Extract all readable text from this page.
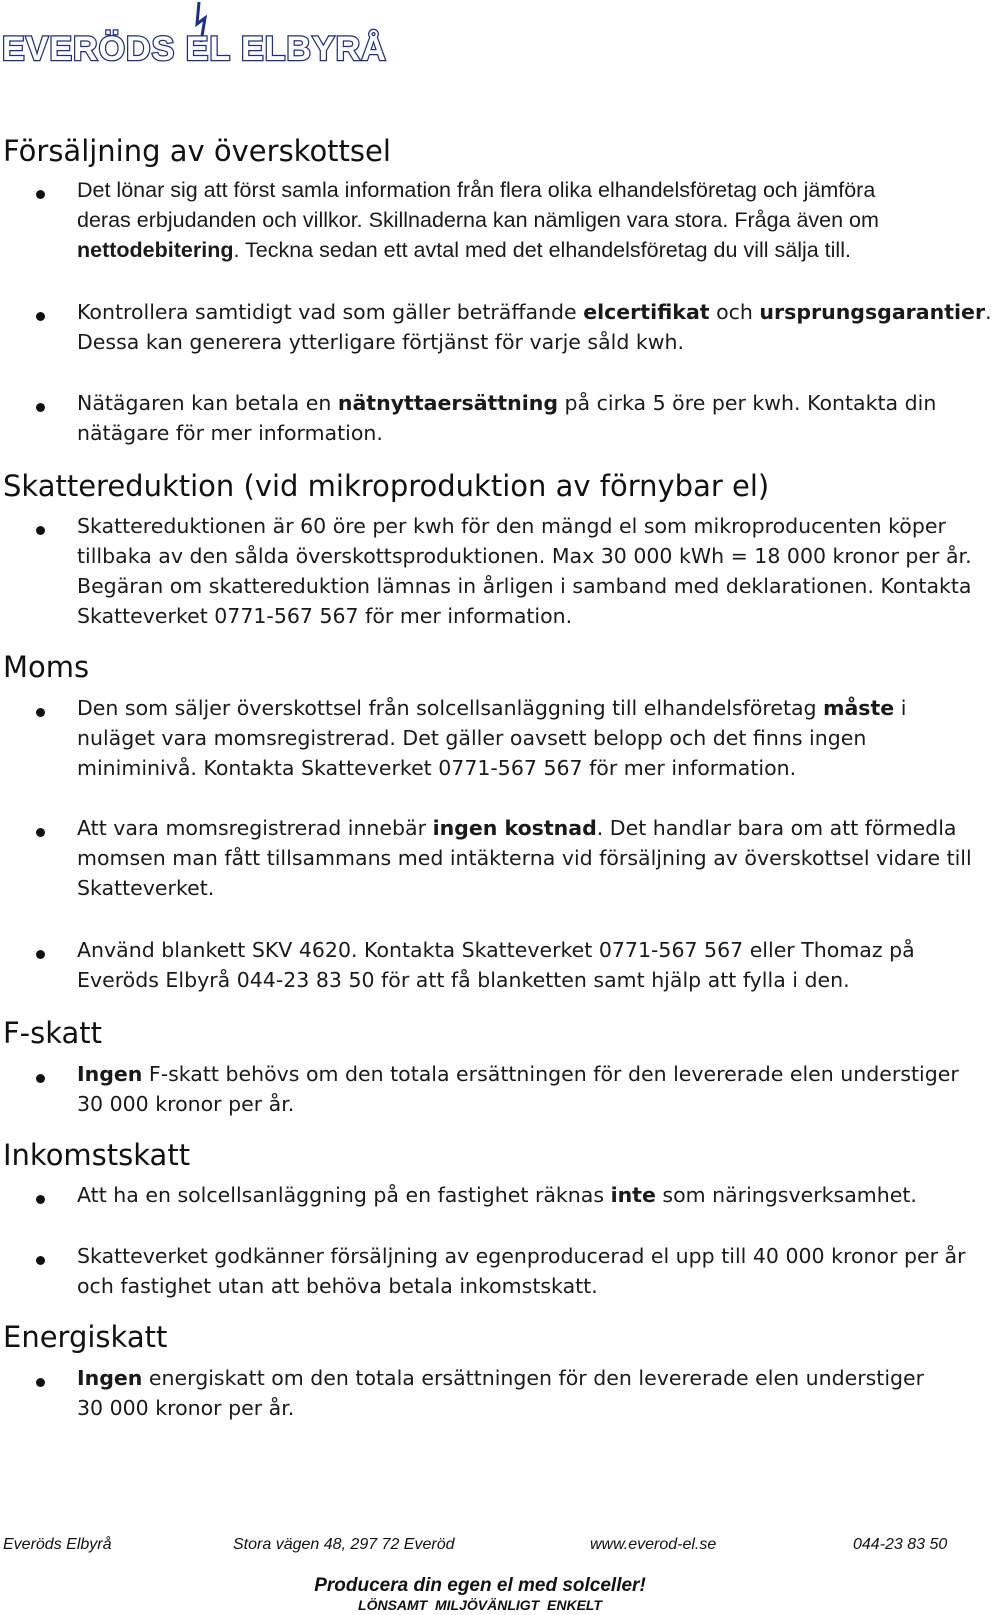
EVERÖDS EL ELBYRÅ
Försäljning av överskottsel
Det lönar sig att först samla information från flera olika elhandelsföretag och jämföra
deras erbjudanden och villkor. Skillnaderna kan nämligen vara stora. Fråga även om
nettodebitering. Teckna sedan ett avtal med det elhandelsföretag du vill sälja till.
Kontrollera samtidigt vad som gäller beträffande elcertifikat och ursprungsgarantier.
Dessa kan generera ytterligare förtjänst för varje såld kwh.
Nätägaren kan betala en nätnyttaersättning på cirka 5 öre per kwh. Kontakta din
nätägare för mer information.
Skattereduktion (vid mikroproduktion av förnybar el)
Skattereduktionen är 60 öre per kwh för den mängd el som mikroproducenten köper
tillbaka av den sålda överskottsproduktionen. Max 30 000 kWh = 18 000 kronor per år.
Begäran om skattereduktion lämnas in årligen i samband med deklarationen. Kontakta
Skatteverket 0771-567 567 för mer information.
Moms
Den som säljer överskottsel från solcellsanläggning till elhandelsföretag måste i
nuläget vara momsregistrerad. Det gäller oavsett belopp och det finns ingen
miniminivå. Kontakta Skatteverket 0771-567 567 för mer information.
Att vara momsregistrerad innebär ingen kostnad. Det handlar bara om att förmedla
momsen man fått tillsammans med intäkterna vid försäljning av överskottsel vidare till
Skatteverket.
Använd blankett SKV 4620. Kontakta Skatteverket 0771-567 567 eller Thomaz på
Everöds Elbyrå 044-23 83 50 för att få blanketten samt hjälp att fylla i den.
F-skatt
Ingen F-skatt behövs om den totala ersättningen för den levererade elen understiger
30 000 kronor per år.
Inkomstskatt
Att ha en solcellsanläggning på en fastighet räknas inte som näringsverksamhet.
Skatteverket godkänner försäljning av egenproducerad el upp till 40 000 kronor per år
och fastighet utan att behöva betala inkomstskatt.
Energiskatt
Ingen energiskatt om den totala ersättningen för den levererade elen understiger
30 000 kronor per år.
Everöds Elbyrå	Stora vägen 48, 297 72 Everöd	www.everod-el.se	044-23 83 50
Producera din egen el med solceller!
LÖNSAMT  MILJÖVÄNLIGT  ENKELT
